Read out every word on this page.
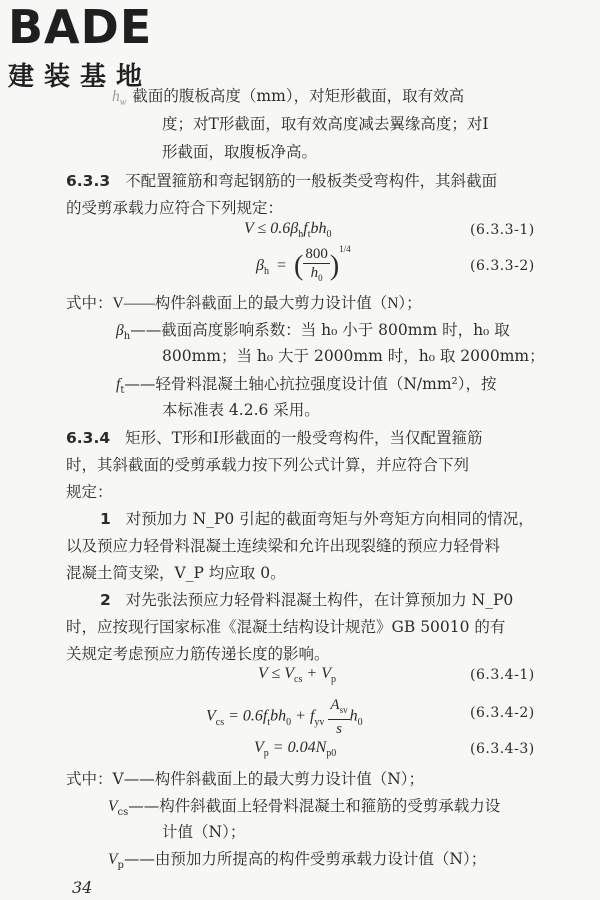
BADE
建装基地
$h_w$ 截面的腹板高度（mm），对矩形截面，取有效高
度；对T形截面，取有效高度减去翼缘高度；对I
形截面，取腹板净高。
6.3.3 不配置箍筋和弯起钢筋的一般板类受弯构件，其斜截面
的受剪承载力应符合下列规定：
$V \le 0.6\beta_hf_tbh_0$	(6.3.3-1)
$\beta_h$ = ( $\frac{800}{h_0} )^{1/4}$
(6.3.3-2)
式中：V——构件斜截面上的最大剪力设计值（N）；
$\beta_h——$截面高度影响系数：当 h₀ 小于 800mm 时，h₀ 取
800mm；当 h₀ 大于 2000mm 时，h₀ 取 2000mm；
$f_t——$轻骨料混凝土轴心抗拉强度设计值（N/mm²），按
本标准表 4.2.6 采用。
6.3.4 矩形、T形和I形截面的一般受弯构件，当仅配置箍筋
时，其斜截面的受剪承载力按下列公式计算，并应符合下列
规定：
1 对预加力 N_P0 引起的截面弯矩与外弯矩方向相同的情况，
以及预应力轻骨料混凝土连续梁和允许出现裂缝的预应力轻骨料
混凝土简支梁，V_P 均应取 0。
2 对先张法预应力轻骨料混凝土构件，在计算预加力 N_P0
时，应按现行国家标准《混凝土结构设计规范》GB 50010 的有
关规定考虑预应力筋传递长度的影响。
$V \le V_{cs} + V_p$	(6.3.4-1)
$V_{cs} = 0.6f_tbh_0 + f_{yv} \frac{A_{sv}}{s} h_0$
(6.3.4-2)
$V_p = 0.04N_{p0}$	(6.3.4-3)
式中：V——构件斜截面上的最大剪力设计值（N）；
$V_{cs}——$构件斜截面上轻骨料混凝土和箍筋的受剪承载力设
计值（N）；
$V_p——$由预加力所提高的构件受剪承载力设计值（N）；
34
